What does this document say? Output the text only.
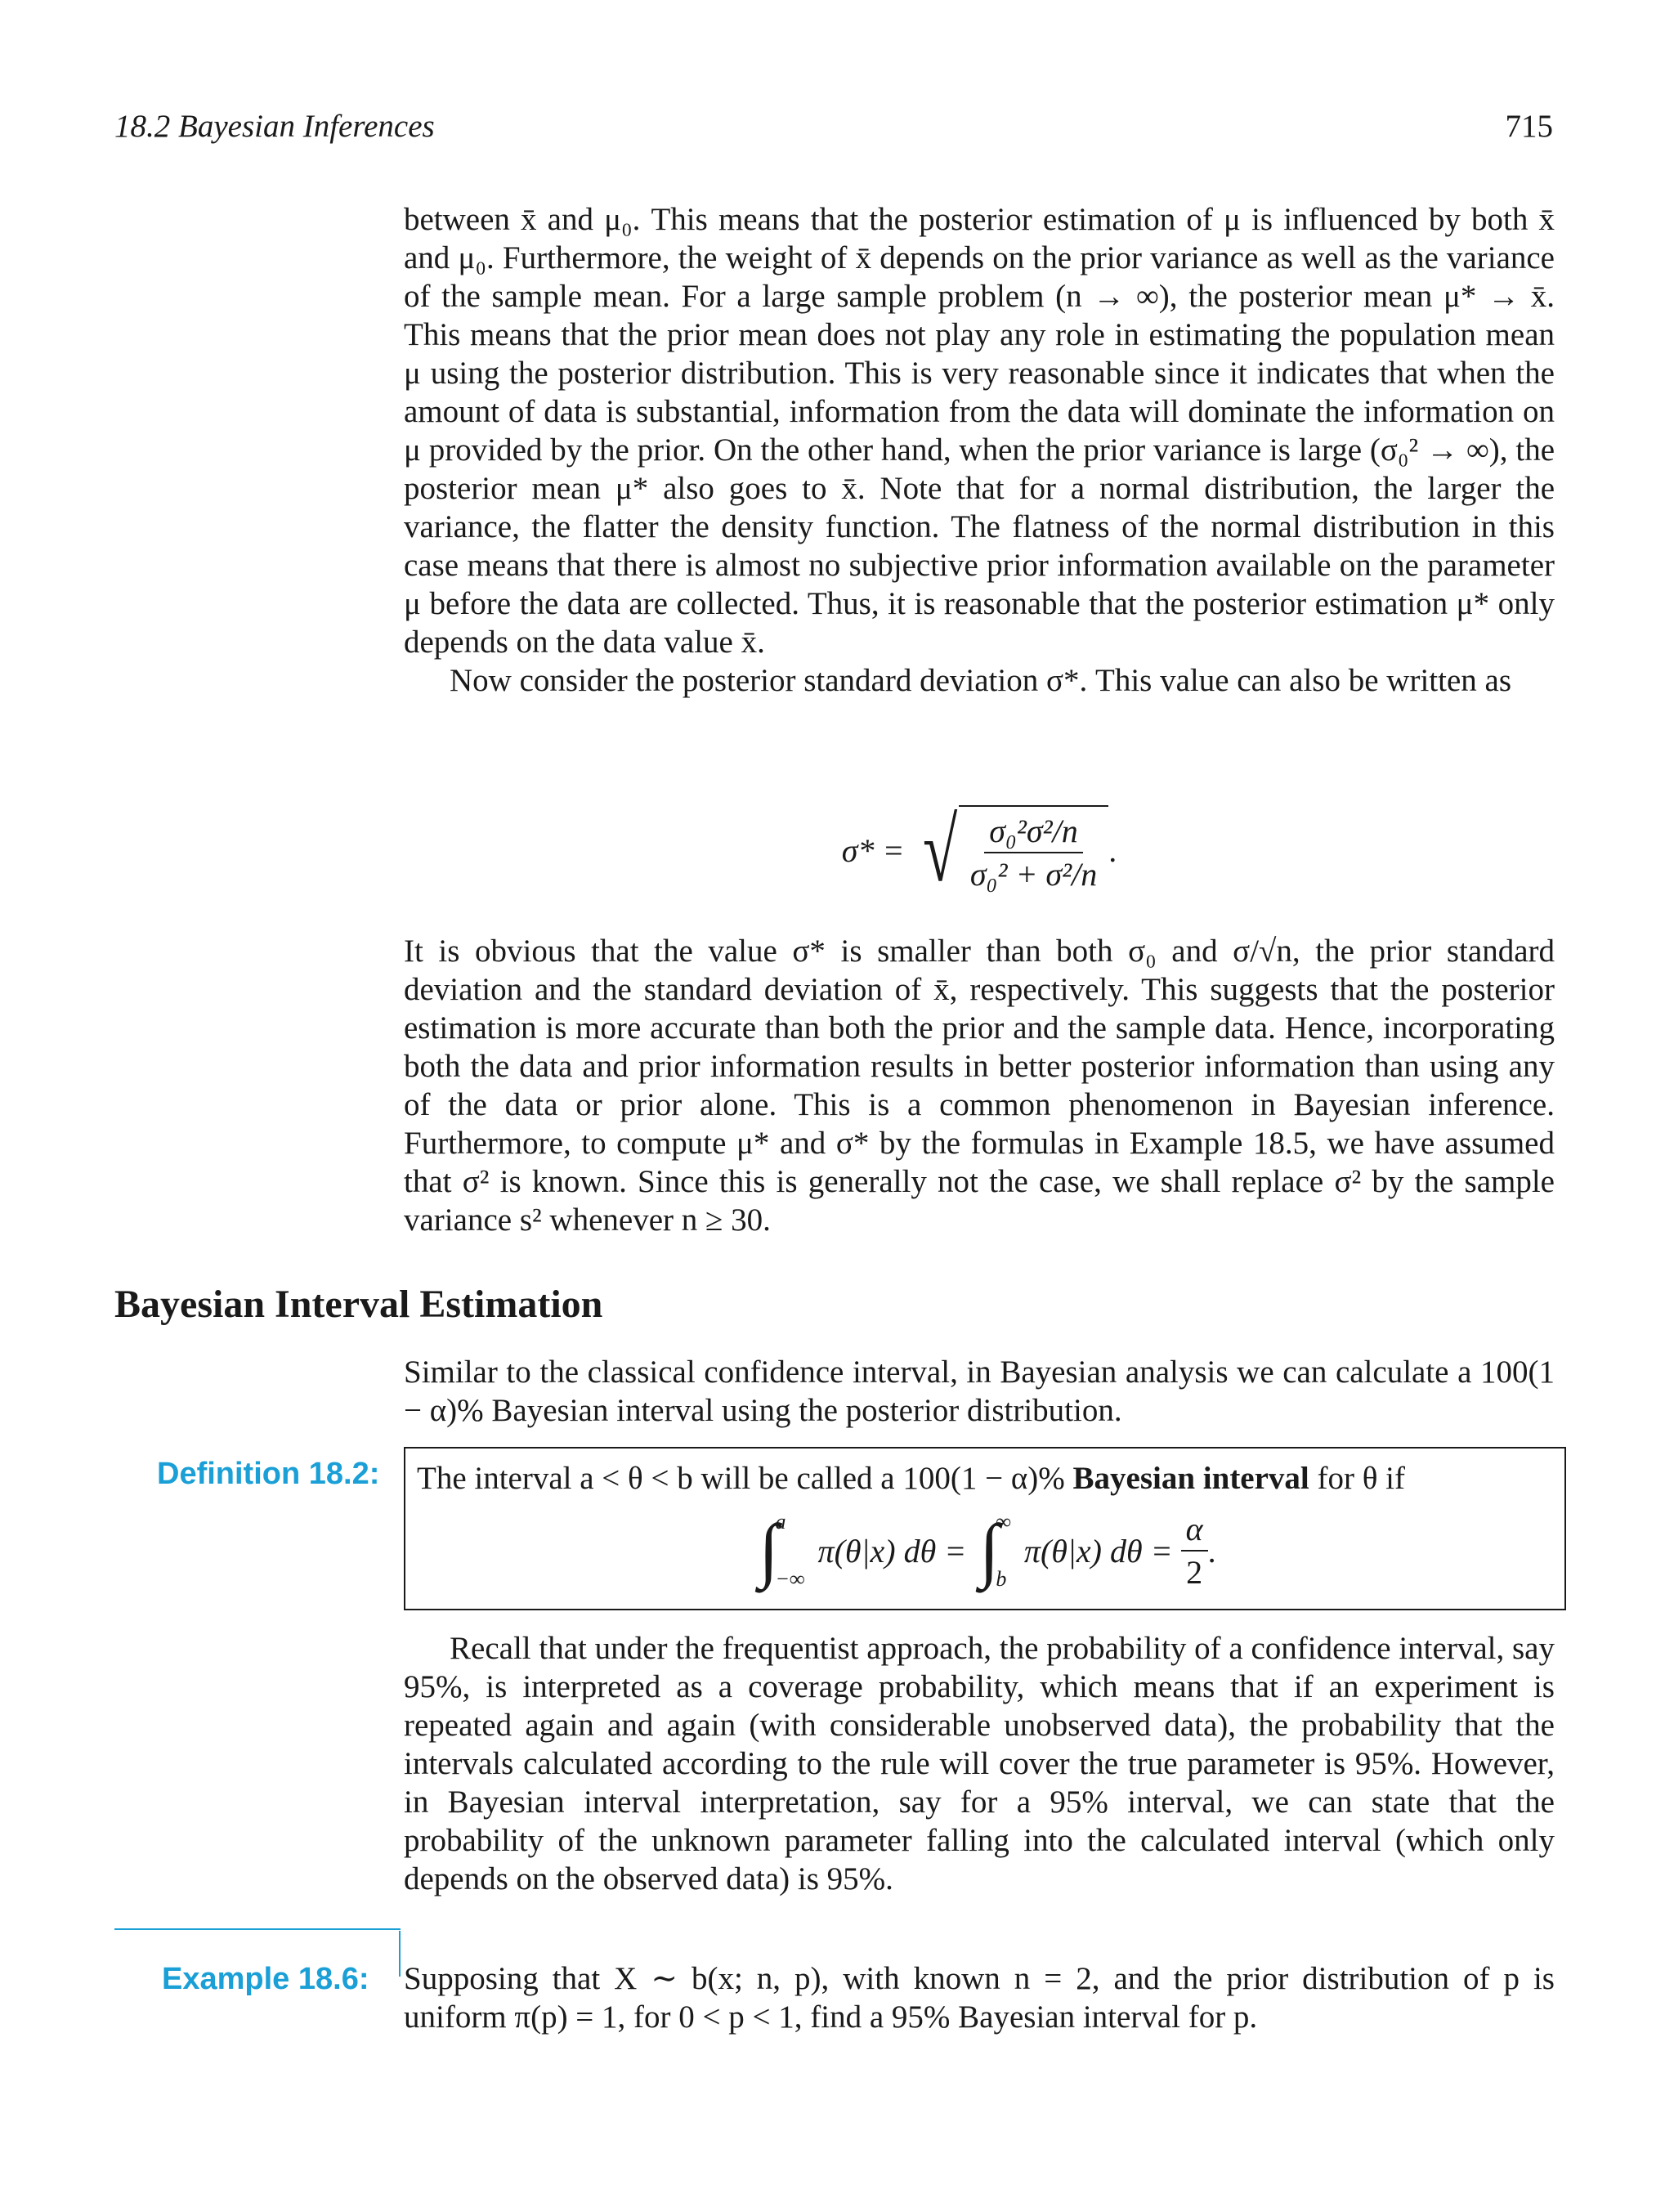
18.2 Bayesian Inferences	715

between x̄ and μ₀. This means that the posterior estimation of μ is influenced by both x̄ and μ₀. Furthermore, the weight of x̄ depends on the prior variance as well as the variance of the sample mean. For a large sample problem (n → ∞), the posterior mean μ* → x̄. This means that the prior mean does not play any role in estimating the population mean μ using the posterior distribution. This is very reasonable since it indicates that when the amount of data is substantial, information from the data will dominate the information on μ provided by the prior. On the other hand, when the prior variance is large (σ₀² → ∞), the posterior mean μ* also goes to x̄. Note that for a normal distribution, the larger the variance, the flatter the density function. The flatness of the normal distribution in this case means that there is almost no subjective prior information available on the parameter μ before the data are collected. Thus, it is reasonable that the posterior estimation μ* only depends on the data value x̄.

Now consider the posterior standard deviation σ*. This value can also be written as

σ* = √ $\frac{\text{σ₀²σ²/n}}{\text{σ₀² + σ²/n}}$ .

It is obvious that the value σ* is smaller than both σ₀ and σ/√n, the prior standard deviation and the standard deviation of x̄, respectively. This suggests that the posterior estimation is more accurate than both the prior and the sample data. Hence, incorporating both the data and prior information results in better posterior information than using any of the data or prior alone. This is a common phenomenon in Bayesian inference. Furthermore, to compute μ* and σ* by the formulas in Example 18.5, we have assumed that σ² is known. Since this is generally not the case, we shall replace σ² by the sample variance s² whenever n ≥ 30.

Bayesian Interval Estimation

Similar to the classical confidence interval, in Bayesian analysis we can calculate a 100(1 − α)% Bayesian interval using the posterior distribution.

Definition 18.2: The interval a < θ < b will be called a 100(1 − α)% Bayesian interval for θ if
∫
a
−∞
π(θ|x) dθ = ∫
∞
b
π(θ|x) $d\theta = \frac{\alpha}{2}$ .

Recall that under the frequentist approach, the probability of a confidence interval, say 95%, is interpreted as a coverage probability, which means that if an experiment is repeated again and again (with considerable unobserved data), the probability that the intervals calculated according to the rule will cover the true parameter is 95%. However, in Bayesian interval interpretation, say for a 95% interval, we can state that the probability of the unknown parameter falling into the calculated interval (which only depends on the observed data) is 95%.

Example 18.6: Supposing that X ∼ b(x; n, p), with known n = 2, and the prior distribution of p is uniform π(p) = 1, for 0 < p < 1, find a 95% Bayesian interval for p.
